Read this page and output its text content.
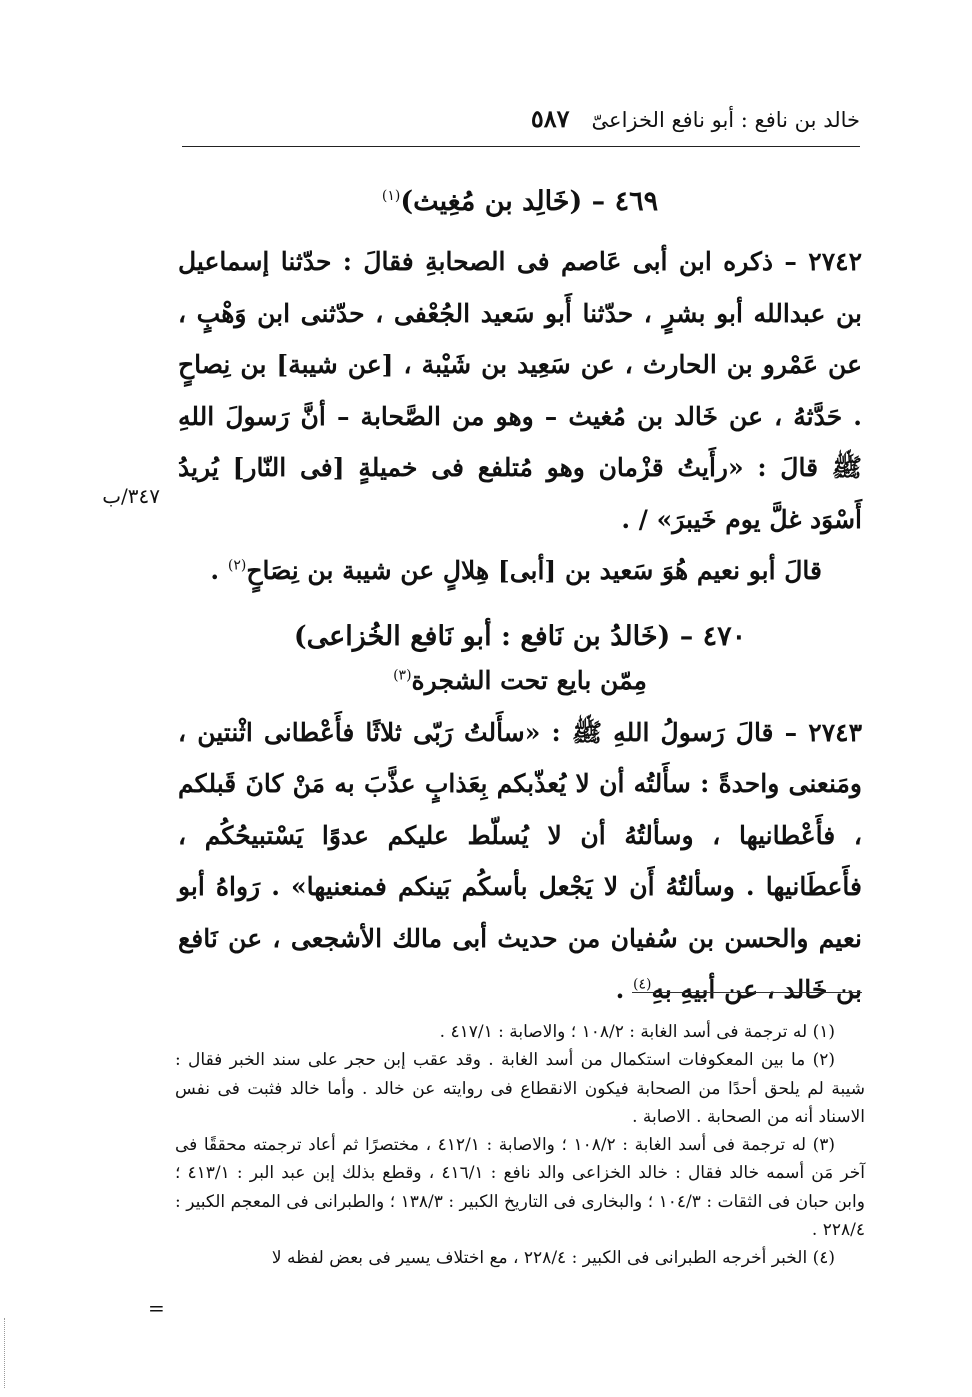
خالد بن نافع : أبو نافع الخزاعىّ
٥٨٧
٣٤٧/ب
٤٦٩ – (خَالِد بن مُغِيث)$^{(١)}$

٢٧٤٢ – ذكره ابن أبى عَاصم فى الصحابةِ فقالَ : حدّثنا إسماعيل بن عبدالله أبو بشرٍ ، حدّثنا أَبو سَعيد الجُعْفى ، حدّثنى ابن وَهْبٍ ، عن عَمْرو بن الحارث ، عن سَعِيد بن شَيْبة ، [عن شيبة] بن نِصاحٍ . حَدَّثهُ ، عن خَالد بن مُغيث – وهو من الصَّحابة – أنَّ رَسولَ اللهِ ﷺ قالَ : «رأَيتُ قزْمان وهو مُتلفع فى خميلةٍ [فى النّار] يُريدُ أَسْوَد غلَّ يوم خَيبرَ» / .

قالَ أبو نعيم هُوَ سَعيد بن [أبى] هِلالٍ عن شيبة بن نِصَاحٍ$^{(٢)}$ .

٤٧٠ – (خَالدُ بن نَافع : أبو نَافع الخُزاعى)

مِمّن بايع تحت الشجرة$^{(٣)}$

٢٧٤٣ – قالَ رَسولُ اللهِ ﷺ : «سأَلتُ رَبّى ثلاثًا فأَعْطانى اثْنتين ، ومَنعنى واحدةً : سأَلتُه أن لا يُعذّبكم بِعَذابٍ عذَّبَ به مَنْ كانَ قَبلكم ، فأَعْطانيها ، وسألتُهُ أن لا يُسلّط عليكم عدوًا يَسْتبيحُكُم ، فأَعطَانيها . وسألتُهُ أَن لا يَجْعل بأسكُم بَينكم فمنعنيها» . رَواهُ أبو نعيم والحسن بن سُفيان من حديث أبى مالك الأشجعى ، عن نَافع بن خَالد ، عن أبيهِ بهِ$^{(٤)}$ .

(١) له ترجمة فى أسد الغابة : ١٠٨/٢ ؛ والاصابة : ٤١٧/١ .

(٢) ما بين المعكوفات استكمال من أسد الغابة . وقد عقب إبن حجر على سند الخبر فقال : شيبة لم يلحق أحدًا من الصحابة فيكون الانقطاع فى روايته عن خالد . وأما خالد فثبت فى نفس الاسناد أنه من الصحابة . الاصابة .

(٣) له ترجمة فى أسد الغابة : ١٠٨/٢ ؛ والاصابة : ٤١٢/١ ، مختصرًا ثم أعاد ترجمته محققًا فى آخر مَن أسمه خالد فقال : خالد الخزاعى والد نافع : ٤١٦/١ ، وقطع بذلك إبن عبد البر : ٤١٣/١ ؛ وابن حبان فى الثقات : ١٠٤/٣ ؛ والبخارى فى التاريخ الكبير : ١٣٨/٣ ؛ والطبرانى فى المعجم الكبير : ٢٢٨/٤ .

(٤) الخبر أخرجه الطبرانى فى الكبير : ٢٢٨/٤ ، مع اختلاف يسير فى بعض لفظه لا

=
